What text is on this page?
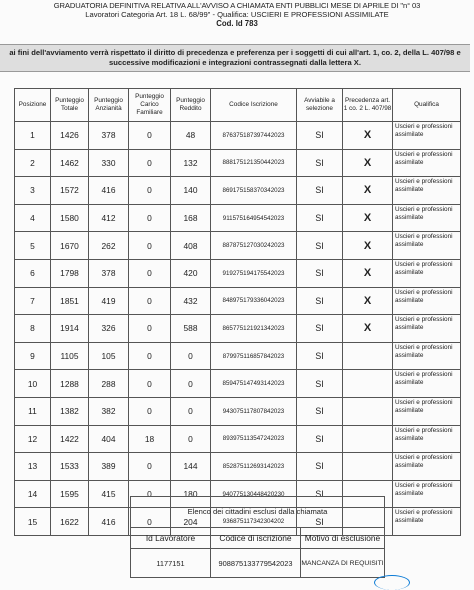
GRADUATORIA DEFINITIVA RELATIVA ALL'AVVISO A CHIAMATA ENTI PUBBLICI MESE DI APRILE DI "n° 03
Lavoratori Categoria Art. 18 L. 68/99" - Qualifica: USCIERI E PROFESSIONI ASSIMILATE
Cod. Id 783
ai fini dell'avviamento verrà rispettato il diritto di precedenza e preferenza per i soggetti di cui all'art. 1, co. 2, della L. 407/98 e successive modificazioni e integrazioni contrassegnati dalla lettera X.
Posizione	Punteggio Totale	Punteggio Anzianità	Punteggio Carico Familiare	Punteggio Reddito	Codice Iscrizione	Avviabile a selezione	Precedenza art. 1 co. 2 L. 407/98	Qualifica
1	1426	378	0	48	876375187397442023	SI	X	Uscieri e professioni assimilate
2	1462	330	0	132	888175121350442023	SI	X	Uscieri e professioni assimilate
3	1572	416	0	140	869175158370342023	SI	X	Uscieri e professioni assimilate
4	1580	412	0	168	911575164954542023	SI	X	Uscieri e professioni assimilate
5	1670	262	0	408	887875127030242023	SI	X	Uscieri e professioni assimilate
6	1798	378	0	420	919275194175542023	SI	X	Uscieri e professioni assimilate
7	1851	419	0	432	848975179336042023	SI	X	Uscieri e professioni assimilate
8	1914	326	0	588	865775121921342023	SI	X	Uscieri e professioni assimilate
9	1105	105	0	0	879975116857842023	SI		Uscieri e professioni assimilate
10	1288	288	0	0	859475147493142023	SI		Uscieri e professioni assimilate
11	1382	382	0	0	943075117807842023	SI		Uscieri e professioni assimilate
12	1422	404	18	0	893975113547242023	SI		Uscieri e professioni assimilate
13	1533	389	0	144	852875112693142023	SI		Uscieri e professioni assimilate
14	1595	415	0	180	940775130448420230	SI		Uscieri e professioni assimilate
15	1622	416	0	204	936875117342304202	SI		Uscieri e professioni assimilate
Elenco dei cittadini esclusi dalla chiamata		
Id Lavoratore	Codice di iscrizione	Motivo di esclusione
1177151	908875133779542023	MANCANZA DI REQUISITI
